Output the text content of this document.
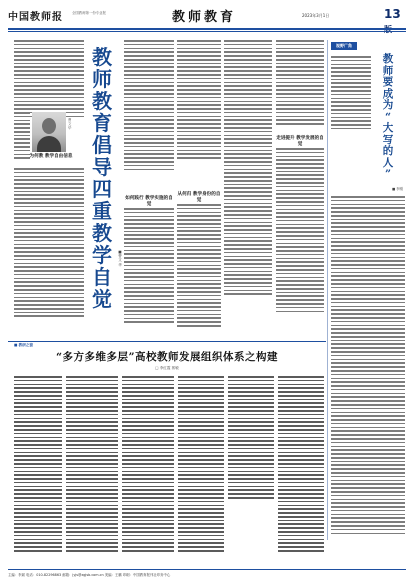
中国教师报	全国教师第一份专业报	教师教育	2023年3月1日	13
曹
文
华
为何教 教学自由信息
教
师
教
育
倡
导
四
重
教
学
自
觉
■
曹
文
华
如何践行 教学实施的自觉
从何归 教学身份的自觉
走进提升 教学发展的自觉
视野广角
教
师
要
成
为
“
大
写
的
人
”
■ 李刚
■ 教研之窗
“多方多维多层”高校教师发展组织体系之构建
□ 李红霞 郭敏
主编：李斌 电话：010-82296863 邮箱：jyjs@zgjsb.com.cn 美编：王鹏 印刷：中国教育报刊社印务中心
